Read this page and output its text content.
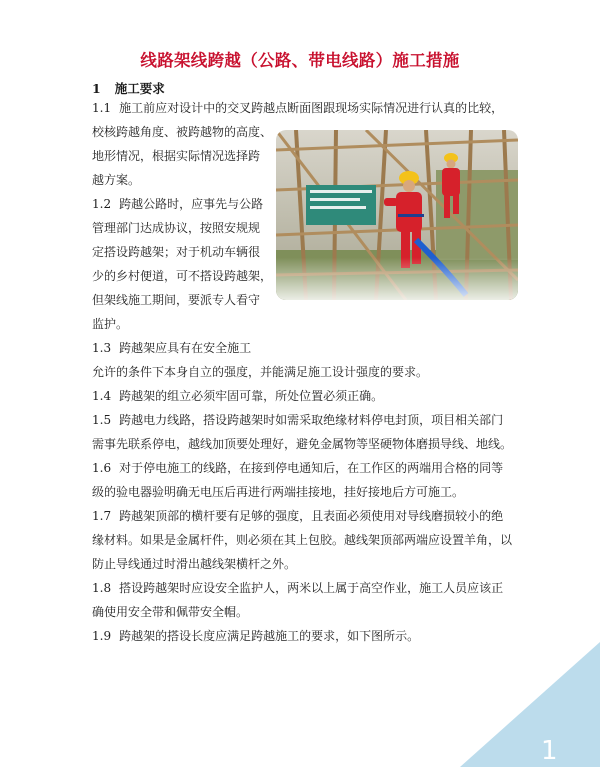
线路架线跨越（公路、带电线路）施工措施
1 施工要求
1.1 施工前应对设计中的交叉跨越点断面图跟现场实际情况进行认真的比较，
校核跨越角度、被跨越物的高度、
地形情况，根据实际情况选择跨
越方案。
1.2 跨越公路时，应事先与公路
管理部门达成协议，按照安规规
定搭设跨越架；对于机动车辆很
少的乡村便道，可不搭设跨越架，
但架线施工期间，要派专人看守
监护。
1.3 跨越架应具有在安全施工
允许的条件下本身自立的强度，并能满足施工设计强度的要求。
1.4 跨越架的组立必须牢固可靠，所处位置必须正确。
1.5 跨越电力线路，搭设跨越架时如需采取绝缘材料停电封顶，项目相关部门
需事先联系停电，越线加顶要处理好，避免金属物等坚硬物体磨损导线、地线。
1.6 对于停电施工的线路，在接到停电通知后，在工作区的两端用合格的同等
级的验电器验明确无电压后再进行两端挂接地，挂好接地后方可施工。
1.7 跨越架顶部的横杆要有足够的强度，且表面必须使用对导线磨损较小的绝
缘材料。如果是金属杆件，则必须在其上包胶。越线架顶部两端应设置羊角，以
防止导线通过时滑出越线架横杆之外。
1.8 搭设跨越架时应设安全监护人，两米以上属于高空作业，施工人员应该正
确使用安全带和佩带安全帽。
1.9 跨越架的搭设长度应满足跨越施工的要求，如下图所示。
1
